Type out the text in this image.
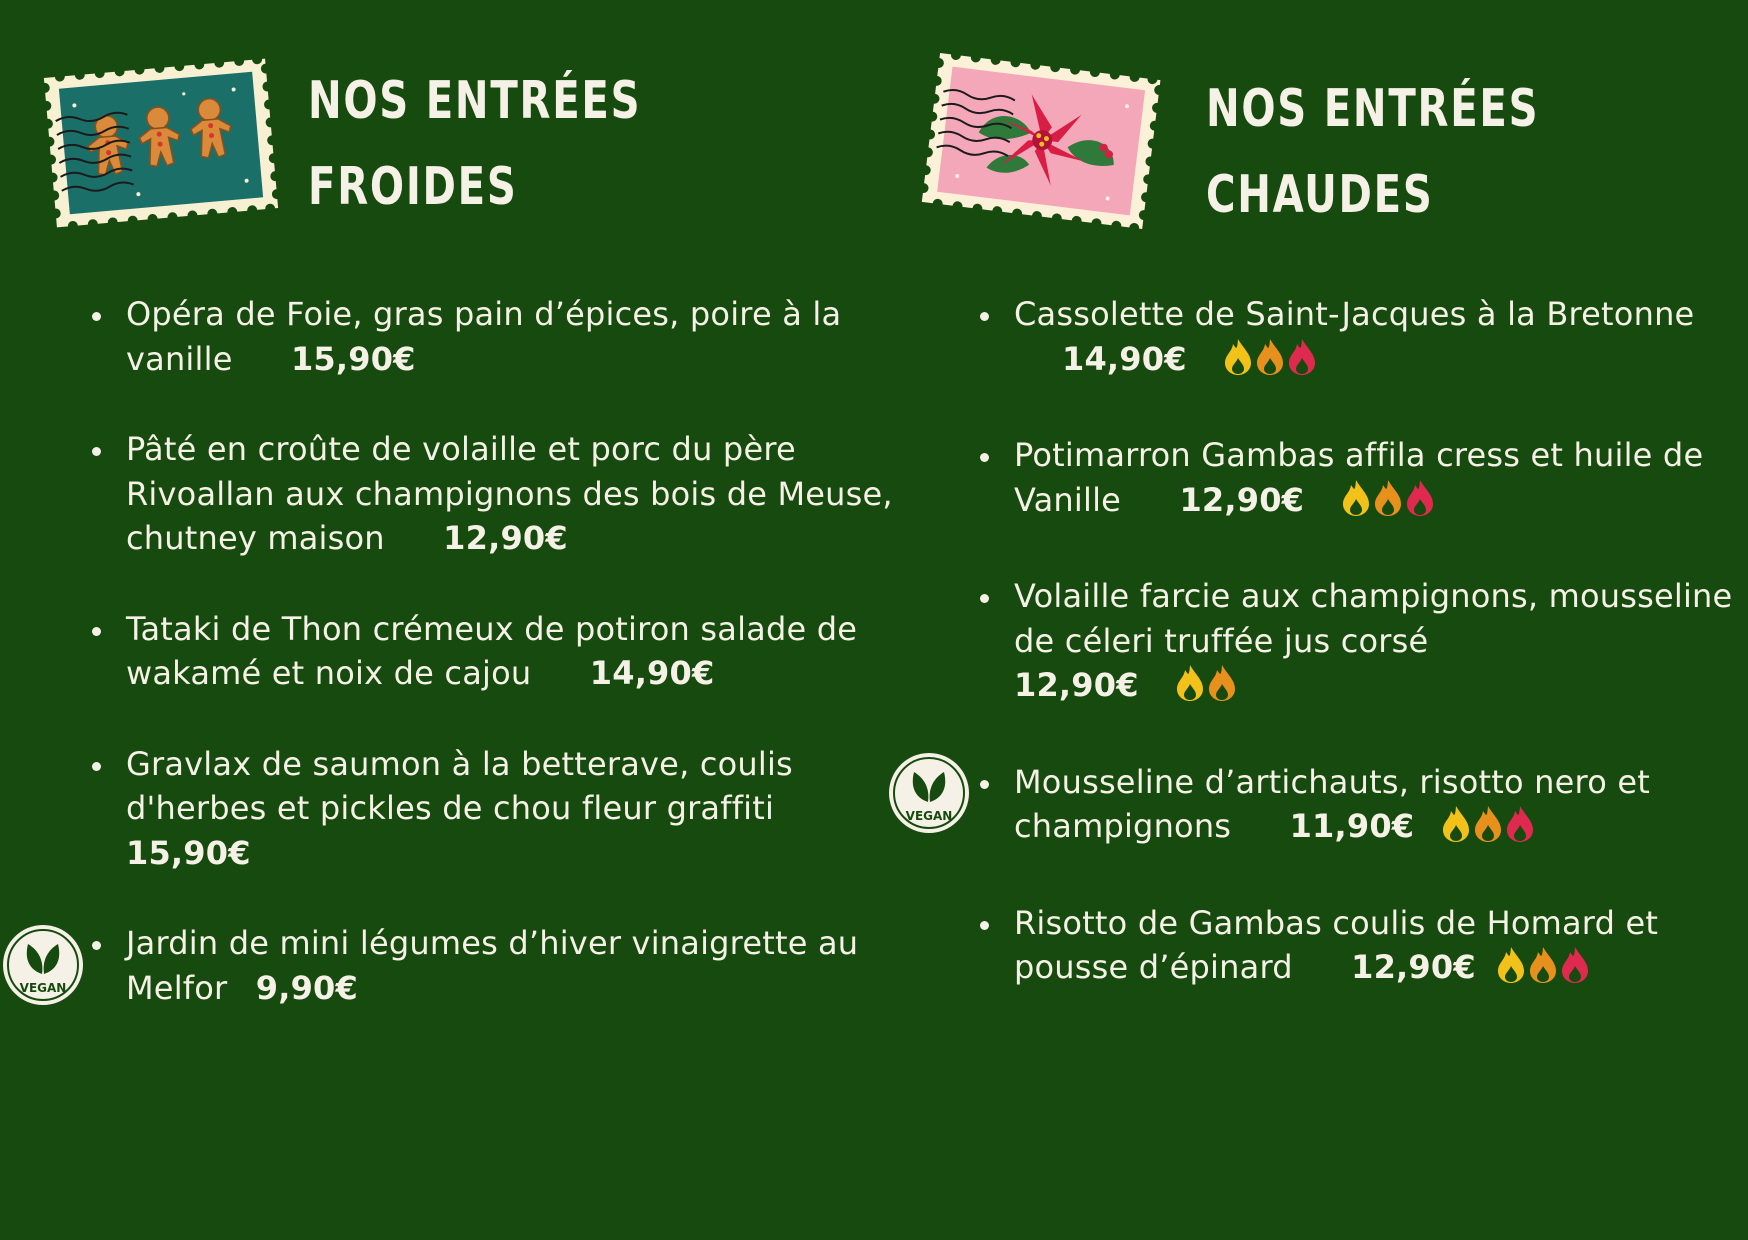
NOS ENTRÉES
FROIDES
Opéra de Foie, gras pain d’épices, poire à la vanille 15,90€
Pâté en croûte de volaille et porc du père Rivoallan aux champignons des bois de Meuse, chutney maison 12,90€
Tataki de Thon crémeux de potiron salade de wakamé et noix de cajou 14,90€
Gravlax de saumon à la betterave, coulis d'herbes et pickles de chou fleur graffiti
15,90€
Jardin de mini légumes d’hiver vinaigrette au Melfor 9,90€
VEGAN
NOS ENTRÉES
CHAUDES
Cassolette de Saint-Jacques à la Bretonne 14,90€
Potimarron Gambas affila cress et huile de Vanille 12,90€
Volaille farcie aux champignons, mousseline de céleri truffée jus corsé
12,90€
Mousseline d’artichauts, risotto nero et champignons 11,90€
Risotto de Gambas coulis de Homard et pousse d’épinard 12,90€
VEGAN
